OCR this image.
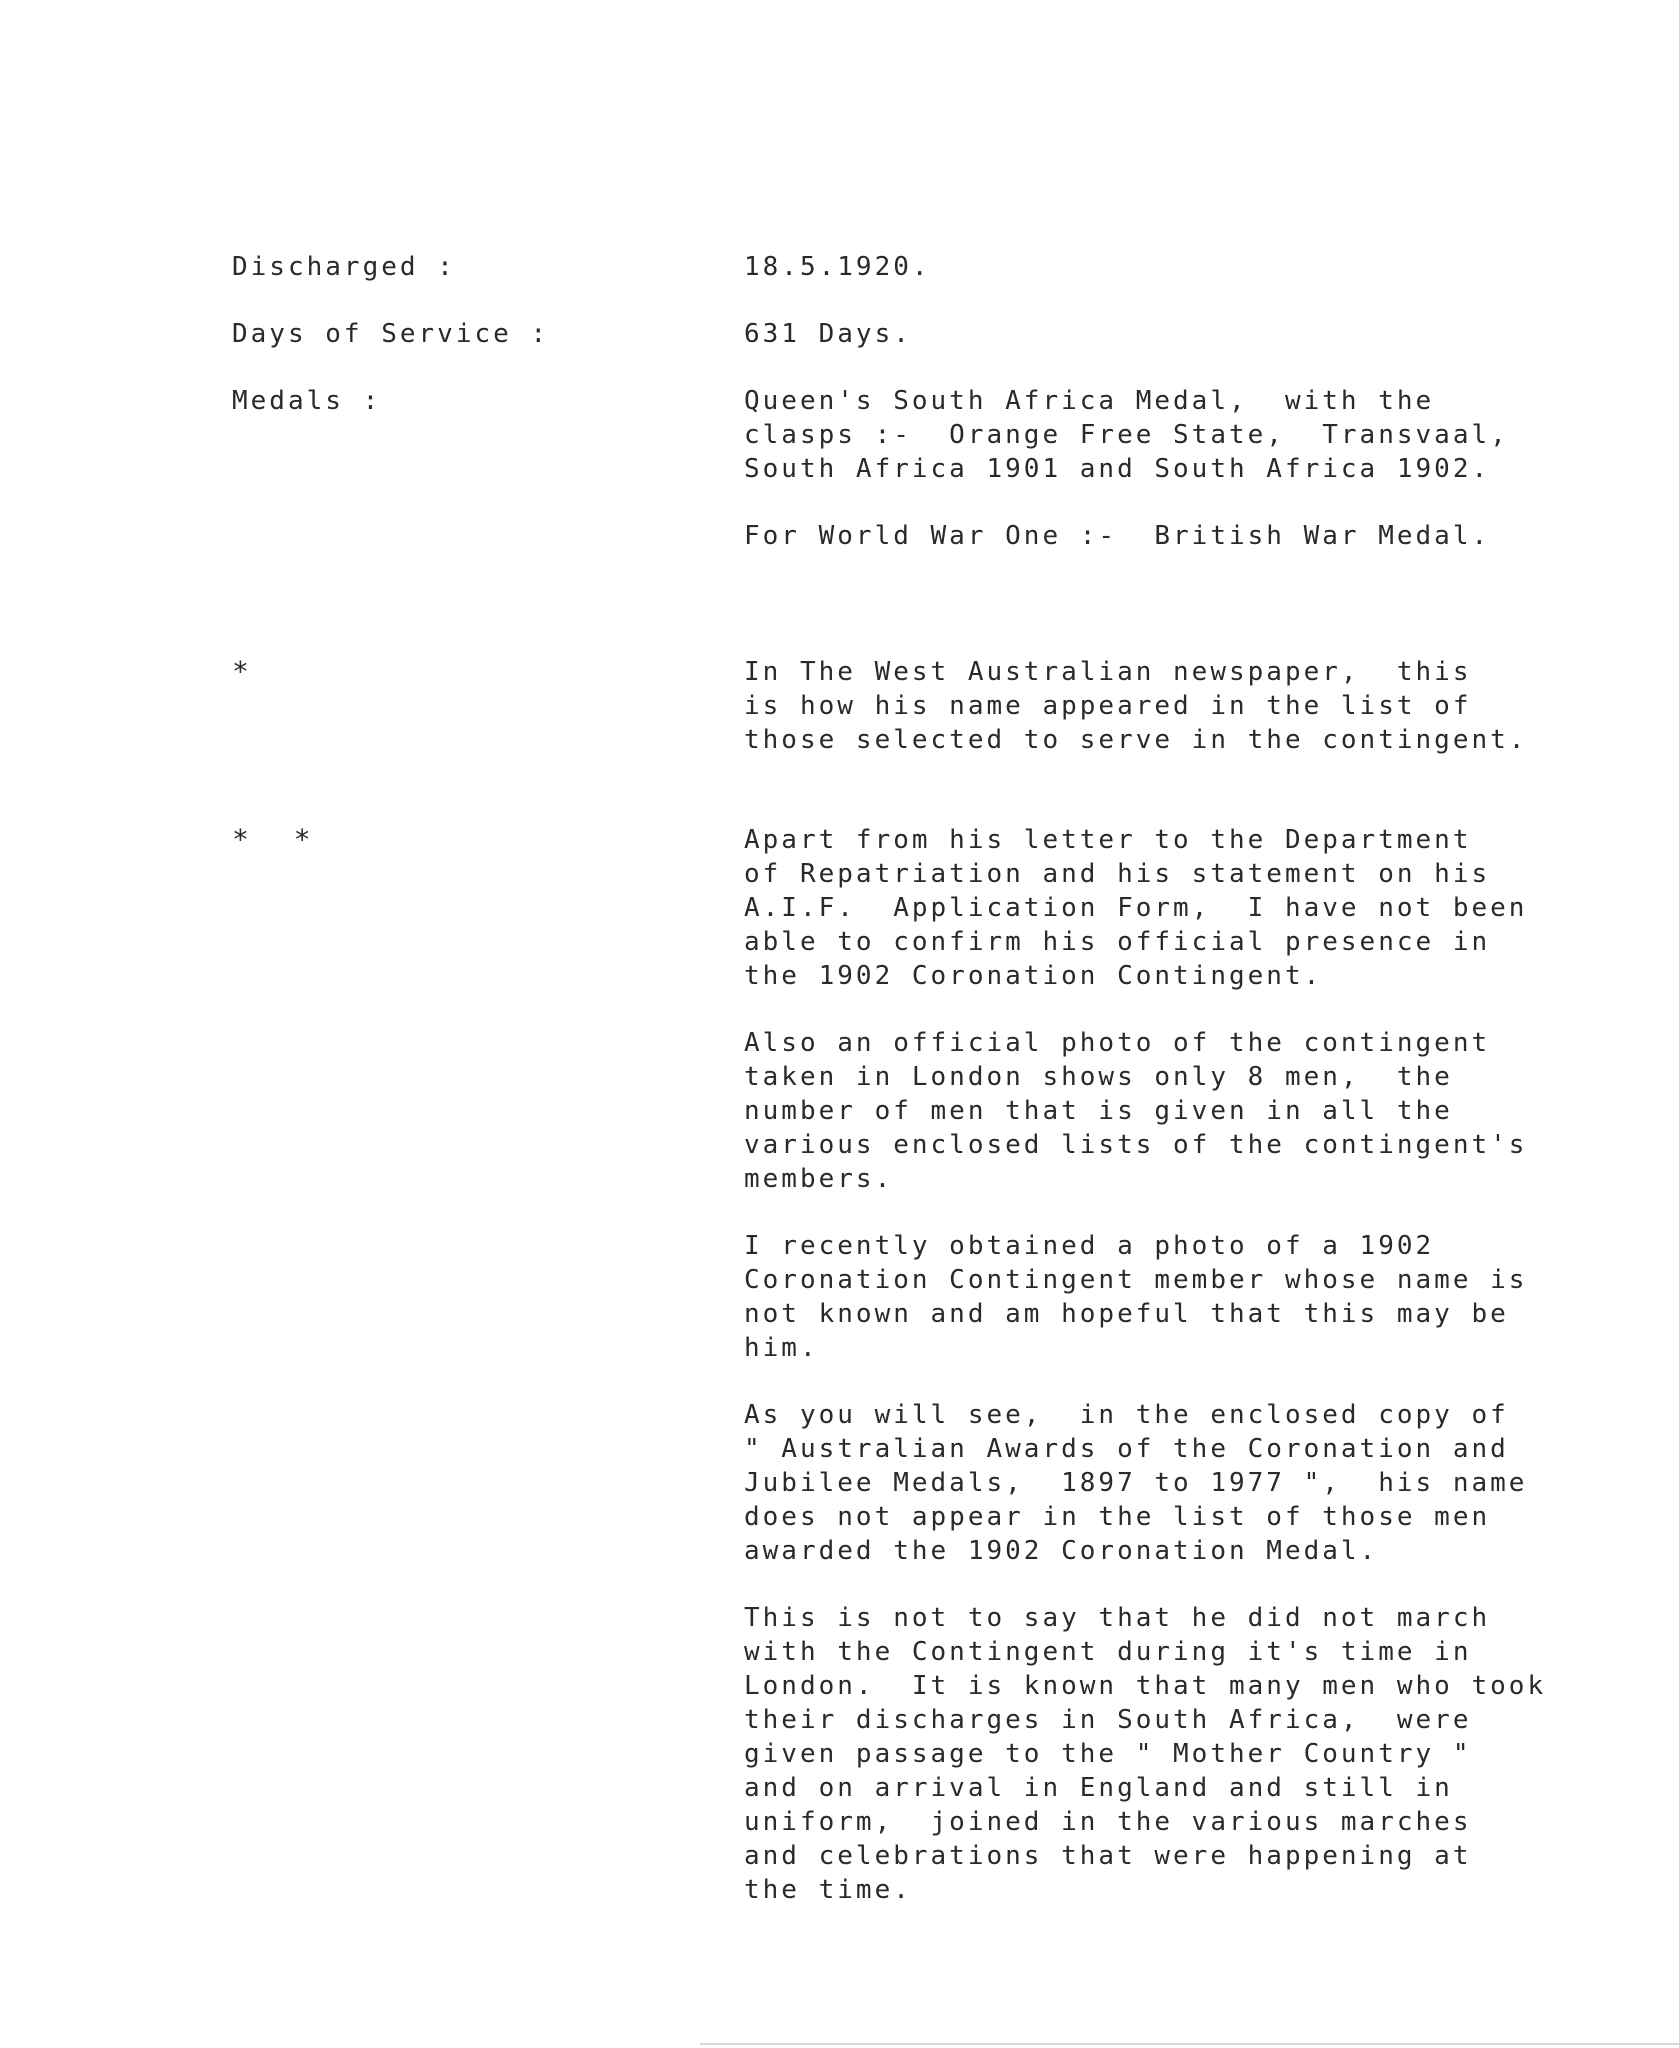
Discharged :	18.5.1920.
Days of Service :	631 Days.
Medals :	Queen's South Africa Medal,  with the
clasps :-  Orange Free State,  Transvaal,
South Africa 1901 and South Africa 1902.
For World War One :-  British War Medal.
*	In The West Australian newspaper,  this
is how his name appeared in the list of
those selected to serve in the contingent.
* *	Apart from his letter to the Department
of Repatriation and his statement on his
A.I.F.  Application Form,  I have not been
able to confirm his official presence in
the 1902 Coronation Contingent.
Also an official photo of the contingent
taken in London shows only 8 men,  the
number of men that is given in all the
various enclosed lists of the contingent's
members.
I recently obtained a photo of a 1902
Coronation Contingent member whose name is
not known and am hopeful that this may be
him.
As you will see,  in the enclosed copy of
" Australian Awards of the Coronation and
Jubilee Medals,  1897 to 1977 ",  his name
does not appear in the list of those men
awarded the 1902 Coronation Medal.
This is not to say that he did not march
with the Contingent during it's time in
London.  It is known that many men who took
their discharges in South Africa,  were
given passage to the " Mother Country "
and on arrival in England and still in
uniform,  joined in the various marches
and celebrations that were happening at
the time.
